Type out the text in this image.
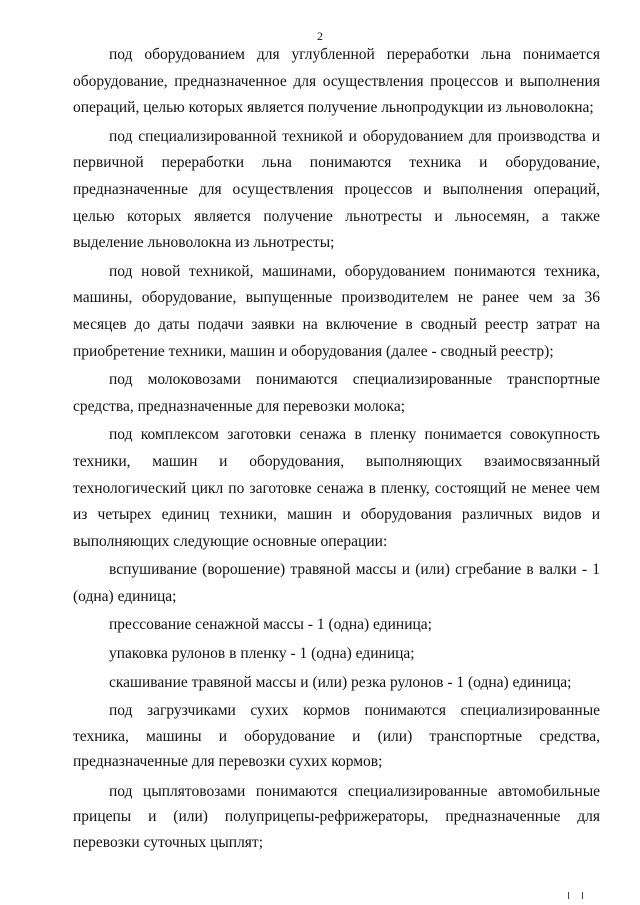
2

под оборудованием для углубленной переработки льна понимается оборудование, предназначенное для осуществления процессов и выполнения операций, целью которых является получение льнопродукции из льноволокна;

под специализированной техникой и оборудованием для производства и первичной переработки льна понимаются техника и оборудование, предназначенные для осуществления процессов и выполнения операций, целью которых является получение льнотресты и льносемян, а также выделение льноволокна из льнотресты;

под новой техникой, машинами, оборудованием понимаются техника, машины, оборудование, выпущенные производителем не ранее чем за 36 месяцев до даты подачи заявки на включение в сводный реестр затрат на приобретение техники, машин и оборудования (далее - сводный реестр);

под молоковозами понимаются специализированные транспортные средства, предназначенные для перевозки молока;

под комплексом заготовки сенажа в пленку понимается совокупность техники, машин и оборудования, выполняющих взаимосвязанный технологический цикл по заготовке сенажа в пленку, состоящий не менее чем из четырех единиц техники, машин и оборудования различных видов и выполняющих следующие основные операции:

вспушивание (ворошение) травяной массы и (или) сгребание в валки - 1 (одна) единица;

прессование сенажной массы - 1 (одна) единица;

упаковка рулонов в пленку - 1 (одна) единица;

скашивание травяной массы и (или) резка рулонов - 1 (одна) единица;

под загрузчиками сухих кормов понимаются специализированные техника, машины и оборудование и (или) транспортные средства, предназначенные для перевозки сухих кормов;

под цыплятовозами понимаются специализированные автомобильные прицепы и (или) полуприцепы-рефрижераторы, предназначенные для перевозки суточных цыплят;
